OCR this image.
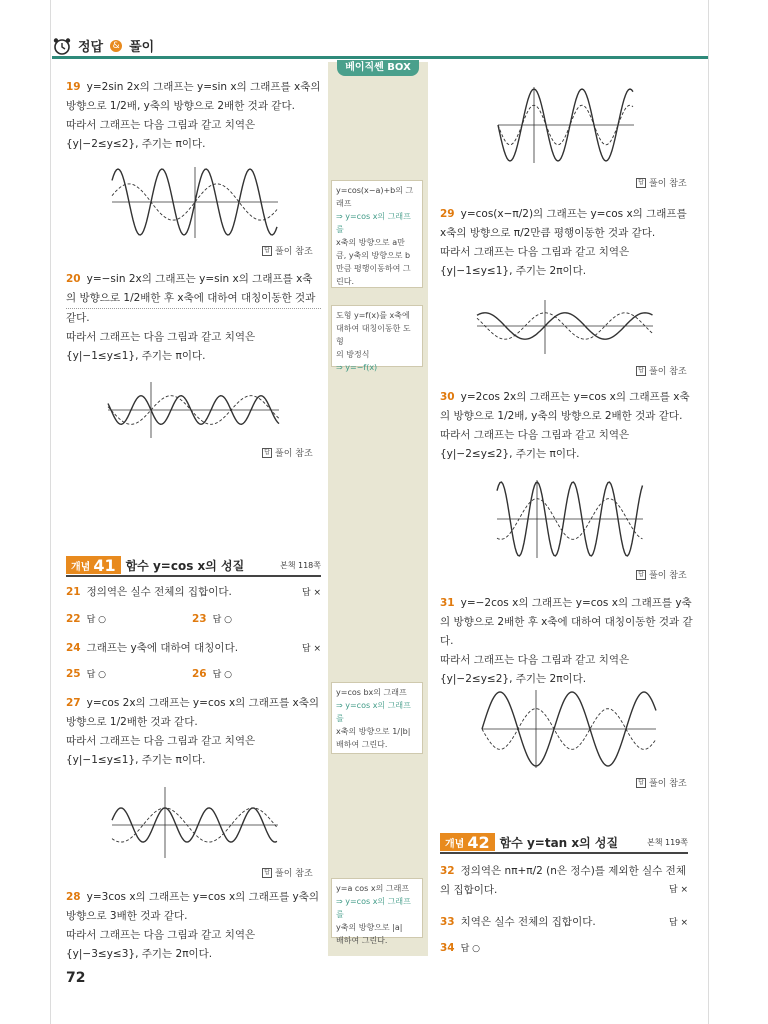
정답 & 풀이
베이직쎈 BOX
y=cos(x−a)+b의 그
래프
⇒ y=cos x의 그래프를
x축의 방향으로 a만
큼, y축의 방향으로 b
만큼 평행이동하여 그
린다.
도형 y=f(x)를 x축에
대하여 대칭이동한 도형
의 방정식
⇒ y=−f(x)
y=cos bx의 그래프
⇒ y=cos x의 그래프를
x축의 방향으로 1/|b|
배하여 그린다.
y=a cos x의 그래프
⇒ y=cos x의 그래프를
y축의 방향으로 |a|
배하여 그린다.
19 y=2sin 2x의 그래프는 y=sin x의 그래프를 x축의
방향으로 1/2배, y축의 방향으로 2배한 것과 같다.
따라서 그래프는 다음 그림과 같고 치역은
{y|−2≤y≤2}, 주기는 π이다.
답 풀이 참조
20 y=−sin 2x의 그래프는 y=sin x의 그래프를 x축
의 방향으로 1/2배한 후 x축에 대하여 대칭이동한 것과
같다.
따라서 그래프는 다음 그림과 같고 치역은
{y|−1≤y≤1}, 주기는 π이다.
답 풀이 참조
개념 41 함수 y=cos x의 성질	본책 118쪽
21 정의역은 실수 전체의 집합이다.	답 ×
22 답 ○	23 답 ○
24 그래프는 y축에 대하여 대칭이다.	답 ×
25 답 ○	26 답 ○
27 y=cos 2x의 그래프는 y=cos x의 그래프를 x축의
방향으로 1/2배한 것과 같다.
따라서 그래프는 다음 그림과 같고 치역은
{y|−1≤y≤1}, 주기는 π이다.
답 풀이 참조
28 y=3cos x의 그래프는 y=cos x의 그래프를 y축의
방향으로 3배한 것과 같다.
따라서 그래프는 다음 그림과 같고 치역은
{y|−3≤y≤3}, 주기는 2π이다.
72
답 풀이 참조
29 y=cos(x−π/2)의 그래프는 y=cos x의 그래프를
x축의 방향으로 π/2만큼 평행이동한 것과 같다.
따라서 그래프는 다음 그림과 같고 치역은
{y|−1≤y≤1}, 주기는 2π이다.
답 풀이 참조
30 y=2cos 2x의 그래프는 y=cos x의 그래프를 x축
의 방향으로 1/2배, y축의 방향으로 2배한 것과 같다.
따라서 그래프는 다음 그림과 같고 치역은
{y|−2≤y≤2}, 주기는 π이다.
답 풀이 참조
31 y=−2cos x의 그래프는 y=cos x의 그래프를 y축
의 방향으로 2배한 후 x축에 대하여 대칭이동한 것과 같
다.
따라서 그래프는 다음 그림과 같고 치역은
{y|−2≤y≤2}, 주기는 2π이다.
답 풀이 참조
개념 42 함수 y=tan x의 성질	본책 119쪽
32 정의역은 nπ+π/2 (n은 정수)를 제외한 실수 전체
의 집합이다.	답 ×
33 치역은 실수 전체의 집합이다.	답 ×
34 답 ○
